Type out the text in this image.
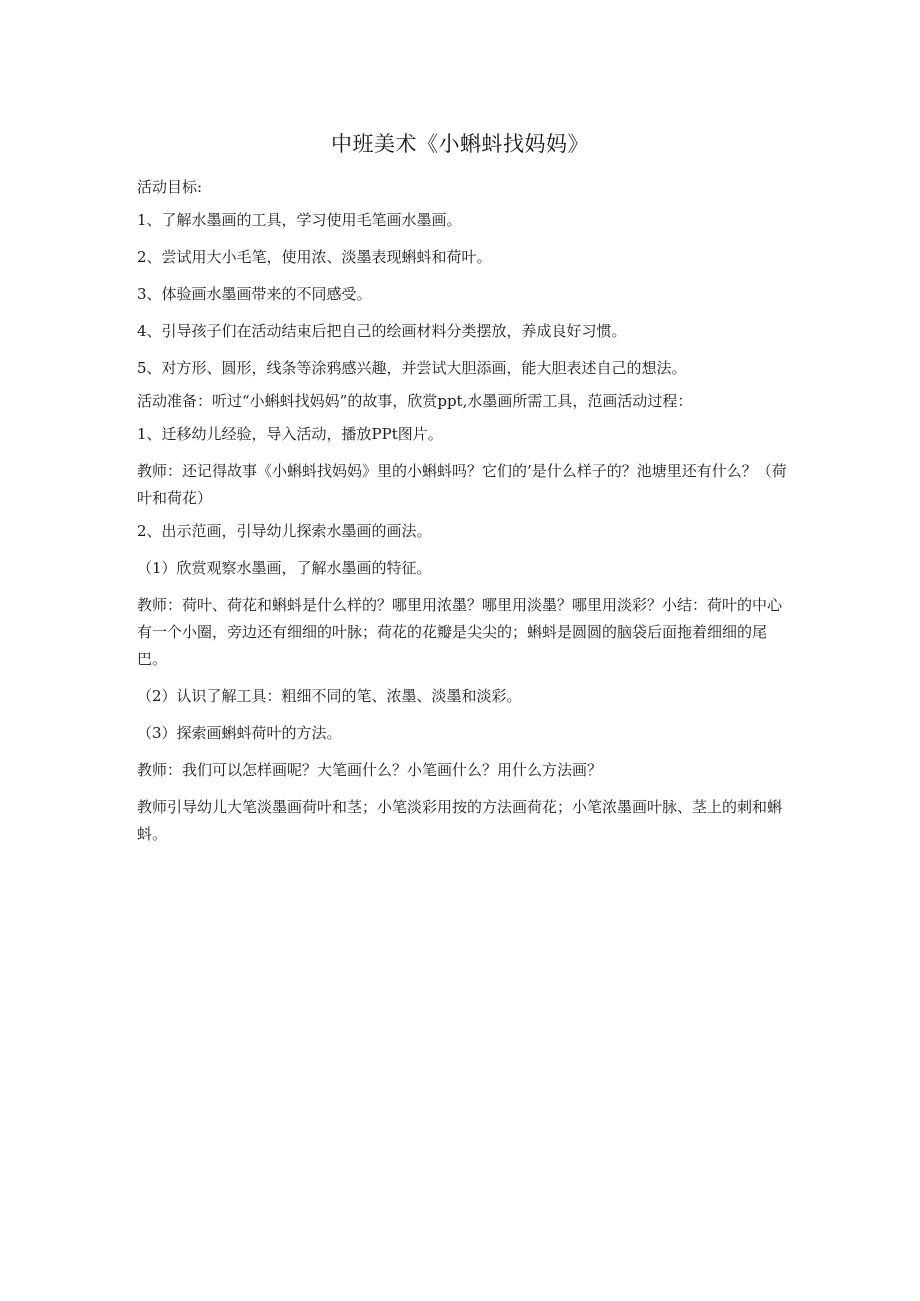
中班美术《小蝌蚪找妈妈》

活动目标:

1、了解水墨画的工具，学习使用毛笔画水墨画。

2、尝试用大小毛笔，使用浓、淡墨表现蝌蚪和荷叶。

3、体验画水墨画带来的不同感受。

4、引导孩子们在活动结束后把自己的绘画材料分类摆放，养成良好习惯。

5、对方形、圆形，线条等涂鸦感兴趣，并尝试大胆添画，能大胆表述自己的想法。

活动准备：听过“小蝌蚪找妈妈”的故事，欣赏ppt,水墨画所需工具，范画活动过程：

1、迁移幼儿经验，导入活动，播放PPt图片。

教师：还记得故事《小蝌蚪找妈妈》里的小蝌蚪吗？它们的’是什么样子的？池塘里还有什么？（荷叶和荷花）

2、出示范画，引导幼儿探索水墨画的画法。

（1）欣赏观察水墨画，了解水墨画的特征。

教师：荷叶、荷花和蝌蚪是什么样的？哪里用浓墨？哪里用淡墨？哪里用淡彩？小结：荷叶的中心有一个小圈，旁边还有细细的叶脉；荷花的花瓣是尖尖的；蝌蚪是圆圆的脑袋后面拖着细细的尾巴。

（2）认识了解工具：粗细不同的笔、浓墨、淡墨和淡彩。

（3）探索画蝌蚪荷叶的方法。

教师：我们可以怎样画呢？大笔画什么？小笔画什么？用什么方法画？

教师引导幼儿大笔淡墨画荷叶和茎；小笔淡彩用按的方法画荷花；小笔浓墨画叶脉、茎上的刺和蝌蚪。
